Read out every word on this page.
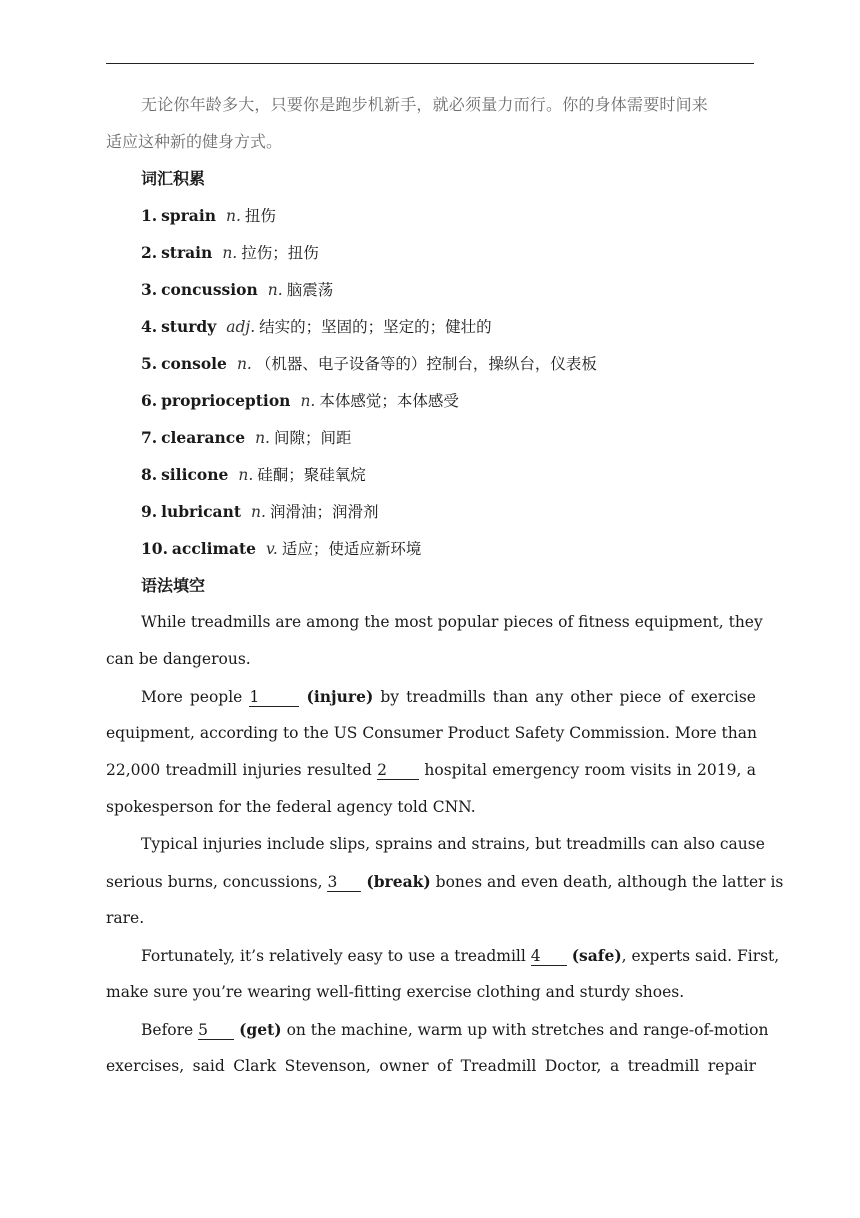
无论你年龄多大，只要你是跑步机新手，就必须量力而行。你的身体需要时间来
适应这种新的健身方式。
词汇积累
1. sprain n. 扭伤
2. strain n. 拉伤；扭伤
3. concussion n. 脑震荡
4. sturdy adj. 结实的；坚固的；坚定的；健壮的
5. console n. （机器、电子设备等的）控制台，操纵台，仪表板
6. proprioception n. 本体感觉；本体感受
7. clearance n. 间隙；间距
8. silicone n. 硅酮；聚硅氧烷
9. lubricant n. 润滑油；润滑剂
10. acclimate v. 适应；使适应新环境
语法填空
While treadmills are among the most popular pieces of fitness equipment, they
can be dangerous.
More people 1	(injure) by treadmills than any other piece of exercise
equipment, according to the US Consumer Product Safety Commission. More than
22,000 treadmill injuries resulted 2 hospital emergency room visits in 2019, a
spokesperson for the federal agency told CNN.
Typical injuries include slips, sprains and strains, but treadmills can also cause
serious burns, concussions, 3 (break) bones and even death, although the latter is
rare.
Fortunately, it’s relatively easy to use a treadmill 4 (safe), experts said. First,
make sure you’re wearing well-fitting exercise clothing and sturdy shoes.
Before 5 (get) on the machine, warm up with stretches and range-of-motion
exercises, said Clark Stevenson, owner of Treadmill Doctor, a treadmill repair
